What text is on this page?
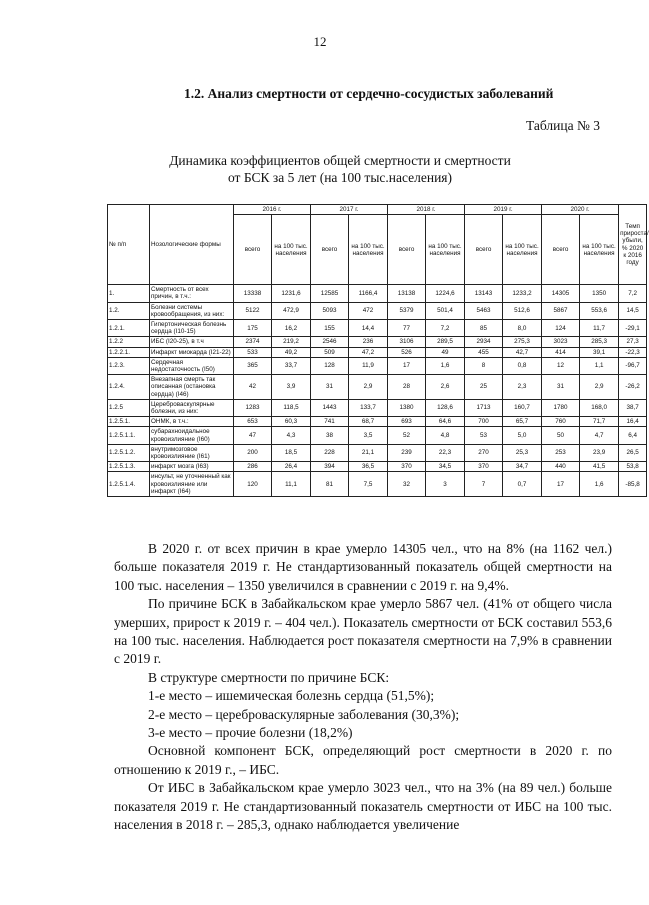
12
1.2. Анализ смертности от сердечно-сосудистых заболеваний
Таблица № 3
Динамика коэффициентов общей смертности и смертности
от БСК за 5 лет (на 100 тыс.населения)
№ п/п	Нозологические формы	2016 г.		2017 г.		2018 г.		2019 г.		2020 г.		Темп прироста/убыли, % 2020 к 2016 году
		всего	на 100 тыс. населения	всего	на 100 тыс. населения	всего	на 100 тыс. населения	всего	на 100 тыс. населения	всего	на 100 тыс. населения	
1.	Смертность от всех причин, в т.ч.:	13338	1231,6	12585	1166,4	13138	1224,6	13143	1233,2	14305	1350	7,2
1.2.	Болезни системы кровообращения, из них:	5122	472,9	5093	472	5379	501,4	5463	512,6	5867	553,6	14,5
1.2.1.	Гипертоническая болезнь сердца (I10-15)	175	16,2	155	14,4	77	7,2	85	8,0	124	11,7	-29,1
1.2.2	ИБС (I20-25), в т.ч	2374	219,2	2546	236	3106	289,5	2934	275,3	3023	285,3	27,3
1.2.2.1.	Инфаркт миокарда (I21-22)	533	49,2	509	47,2	526	49	455	42,7	414	39,1	-22,3
1.2.3.	Сердечная недостаточность (I50)	365	33,7	128	11,9	17	1,6	8	0,8	12	1,1	-96,7
1.2.4.	Внезапная смерть так описанная (остановка сердца) (I46)	42	3,9	31	2,9	28	2,6	25	2,3	31	2,9	-26,2
1.2.5	Цереброваскулярные болезни, из них:	1283	118,5	1443	133,7	1380	128,6	1713	160,7	1780	168,0	38,7
1.2.5.1.	ОНМК, в т.ч.:	653	60,3	741	68,7	693	64,6	700	65,7	760	71,7	16,4
1.2.5.1.1.	субарахноидальное кровоизлияние (I60)	47	4,3	38	3,5	52	4,8	53	5,0	50	4,7	6,4
1.2.5.1.2.	внутримозговое кровоизлияние (I61)	200	18,5	228	21,1	239	22,3	270	25,3	253	23,9	26,5
1.2.5.1.3.	инфаркт мозга (I63)	286	26,4	394	36,5	370	34,5	370	34,7	440	41,5	53,8
1.2.5.1.4.	инсульт, не уточненный как кровоизлияние или инфаркт (I64)	120	11,1	81	7,5	32	3	7	0,7	17	1,6	-85,8

В 2020 г. от всех причин в крае умерло 14305 чел., что на 8% (на 1162 чел.) больше показателя 2019 г. Не стандартизованный показатель общей смертности на 100 тыс. населения – 1350 увеличился в сравнении с 2019 г. на 9,4%.

По причине БСК в Забайкальском крае умерло 5867 чел. (41% от общего числа умерших, прирост к 2019 г. – 404 чел.). Показатель смертности от БСК составил 553,6 на 100 тыс. населения. Наблюдается рост показателя смертности на 7,9% в сравнении с 2019 г.

В структуре смертности по причине БСК:

1-е место – ишемическая болезнь сердца (51,5%);

2-е место – цереброваскулярные заболевания (30,3%);

3-е место – прочие болезни (18,2%)

Основной компонент БСК, определяющий рост смертности в 2020 г. по отношению к 2019 г., – ИБС.

От ИБС в Забайкальском крае умерло 3023 чел., что на 3% (на 89 чел.) больше показателя 2019 г. Не стандартизованный показатель смертности от ИБС на 100 тыс. населения в 2018 г. – 285,3, однако наблюдается увеличение
